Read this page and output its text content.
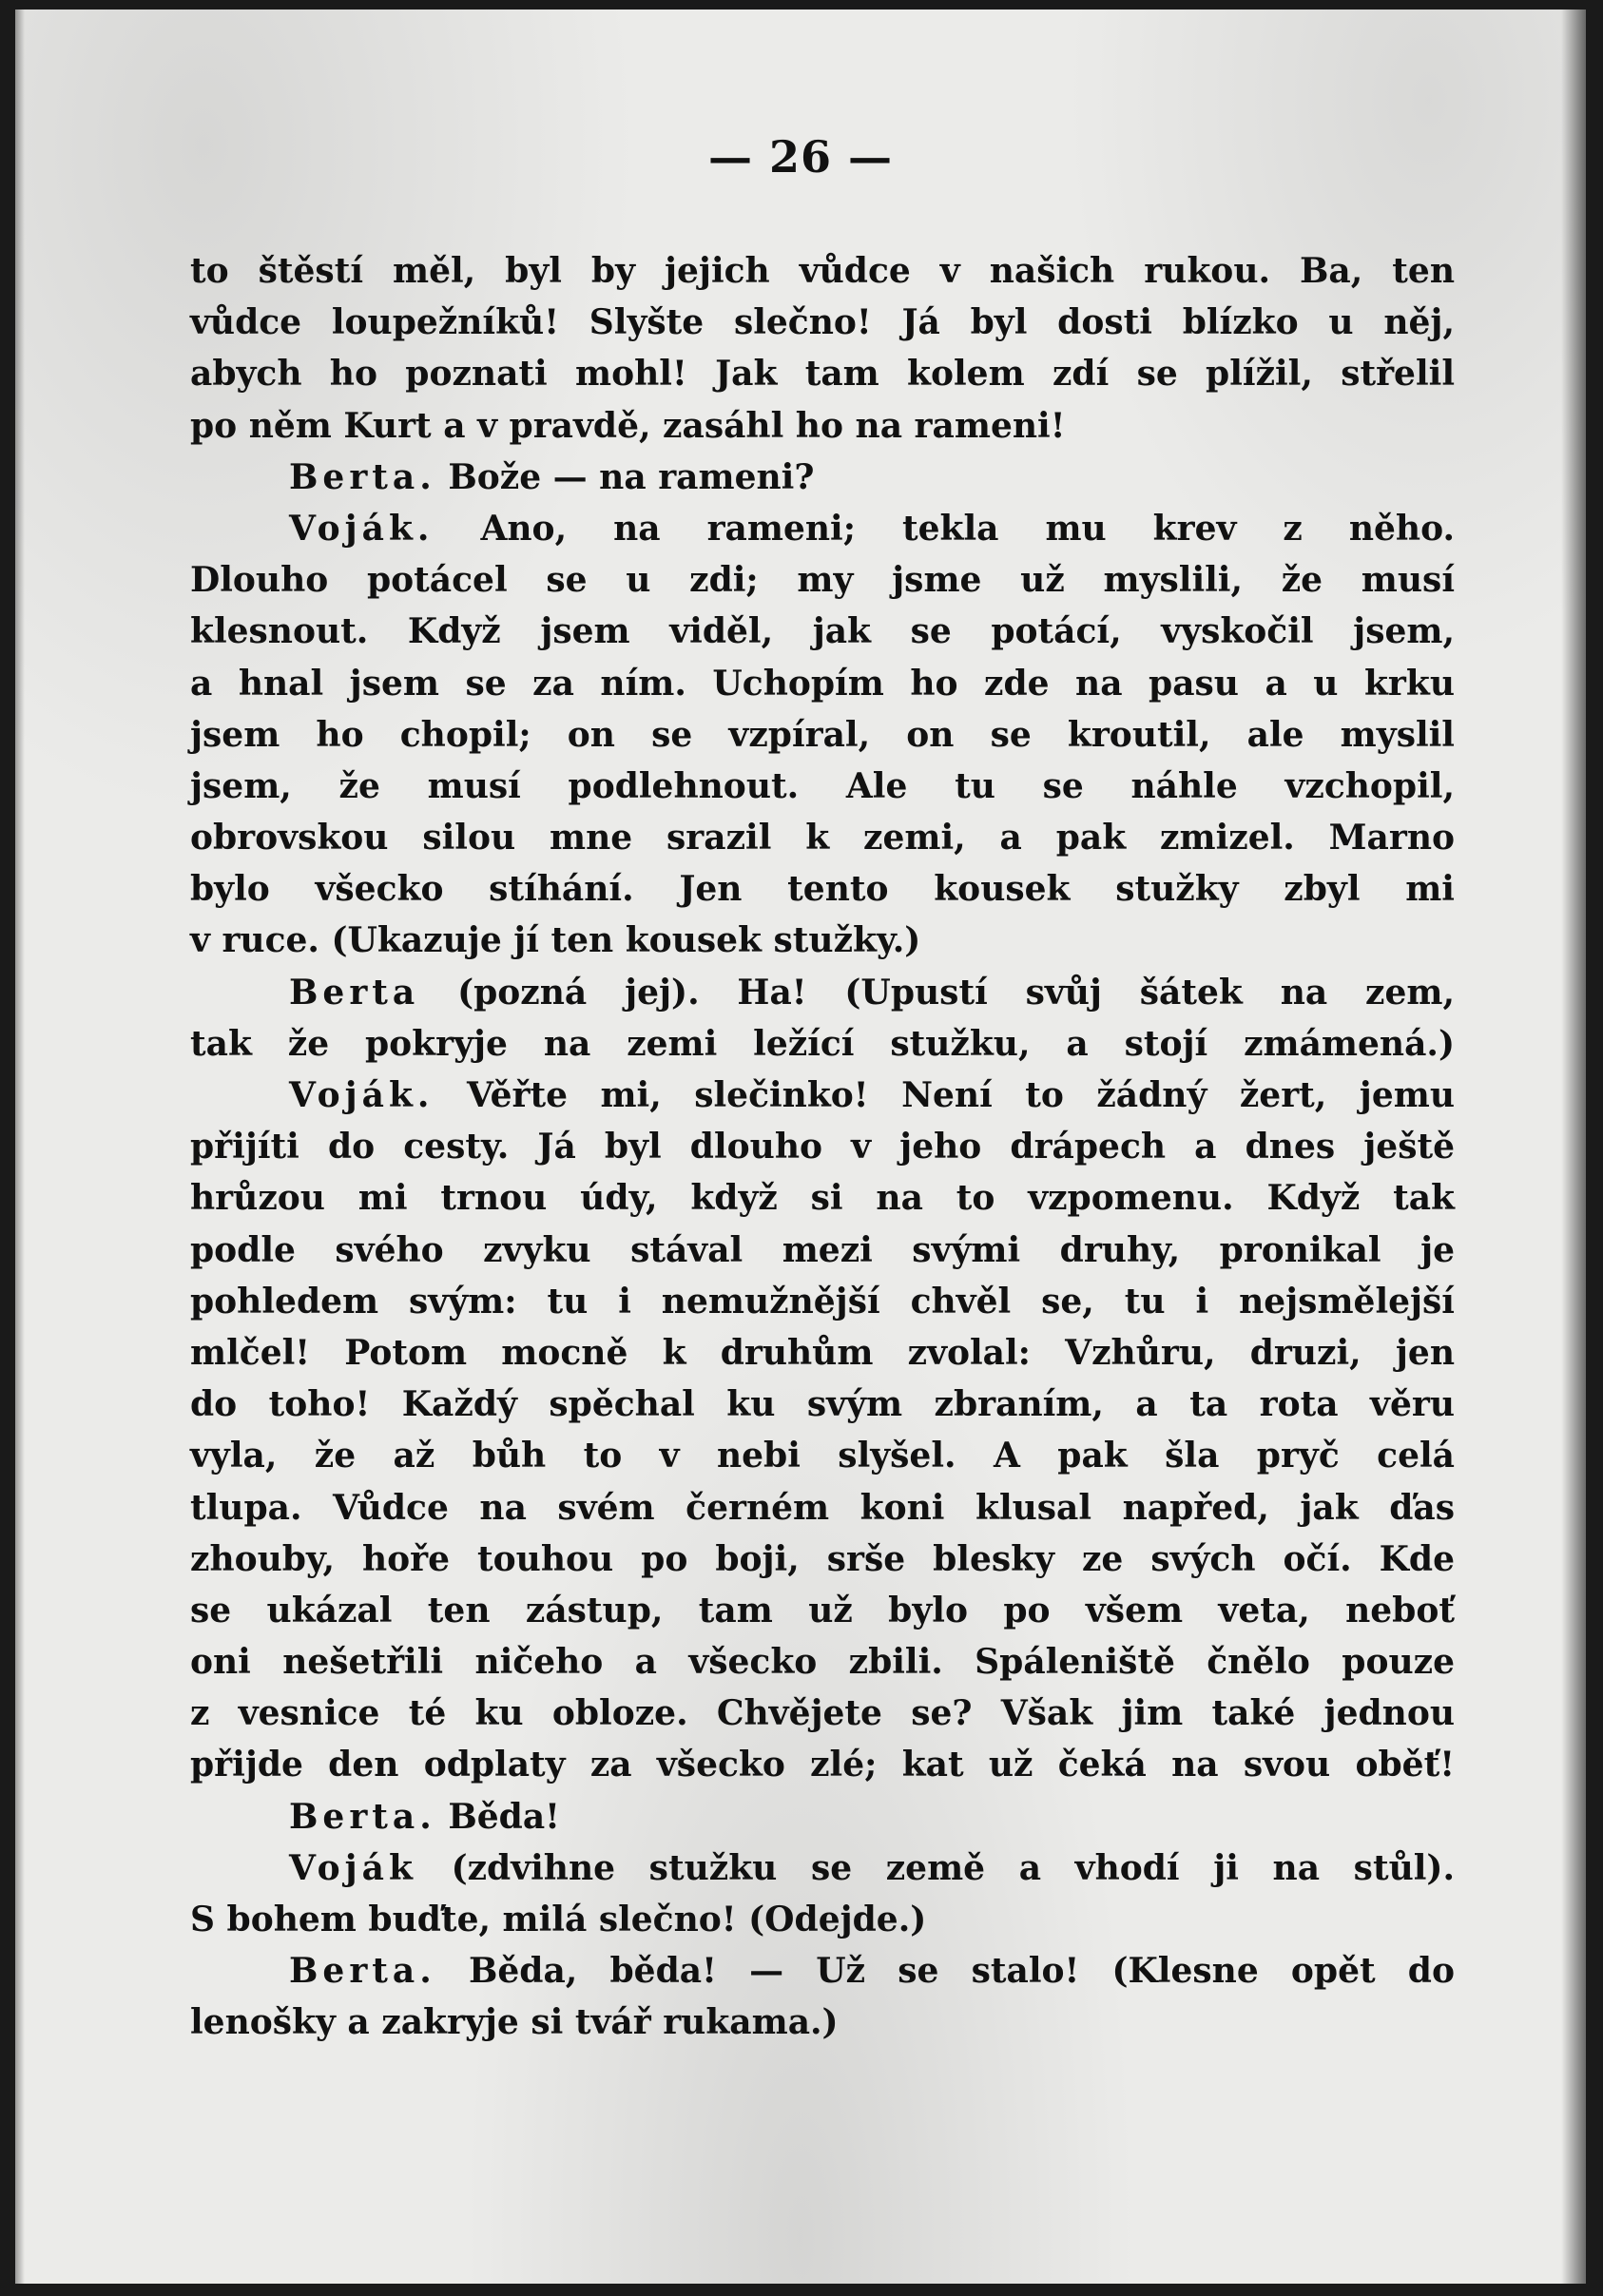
— 26 —
to štěstí měl, byl by jejich vůdce v našich rukou. Ba, ten
vůdce loupežníků! Slyšte slečno! Já byl dosti blízko u něj,
abych ho poznati mohl! Jak tam kolem zdí se plížil, střelil
po něm Kurt a v pravdě, zasáhl ho na rameni!
Berta. Bože — na rameni?
Voják. Ano, na rameni; tekla mu krev z něho.
Dlouho potácel se u zdi; my jsme už myslili, že musí
klesnout. Když jsem viděl, jak se potácí, vyskočil jsem,
a hnal jsem se za ním. Uchopím ho zde na pasu a u krku
jsem ho chopil; on se vzpíral, on se kroutil, ale myslil
jsem, že musí podlehnout. Ale tu se náhle vzchopil,
obrovskou silou mne srazil k zemi, a pak zmizel. Marno
bylo všecko stíhání. Jen tento kousek stužky zbyl mi
v ruce. (Ukazuje jí ten kousek stužky.)
Berta (pozná jej). Ha! (Upustí svůj šátek na zem,
tak že pokryje na zemi ležící stužku, a stojí zmámená.)
Voják. Věřte mi, slečinko! Není to žádný žert, jemu
přijíti do cesty. Já byl dlouho v jeho drápech a dnes ještě
hrůzou mi trnou údy, když si na to vzpomenu. Když tak
podle svého zvyku stával mezi svými druhy, pronikal je
pohledem svým: tu i nemužnější chvěl se, tu i nejsmělejší
mlčel! Potom mocně k druhům zvolal: Vzhůru, druzi, jen
do toho! Každý spěchal ku svým zbraním, a ta rota věru
vyla, že až bůh to v nebi slyšel. A pak šla pryč celá
tlupa. Vůdce na svém černém koni klusal napřed, jak ďas
zhouby, hoře touhou po boji, srše blesky ze svých očí. Kde
se ukázal ten zástup, tam už bylo po všem veta, neboť
oni nešetřili ničeho a všecko zbili. Spáleniště čnělo pouze
z vesnice té ku obloze. Chvějete se? Však jim také jednou
přijde den odplaty za všecko zlé; kat už čeká na svou oběť!
Berta. Běda!
Voják (zdvihne stužku se země a vhodí ji na stůl).
S bohem buďte, milá slečno! (Odejde.)
Berta. Běda, běda! — Už se stalo! (Klesne opět do
lenošky a zakryje si tvář rukama.)
